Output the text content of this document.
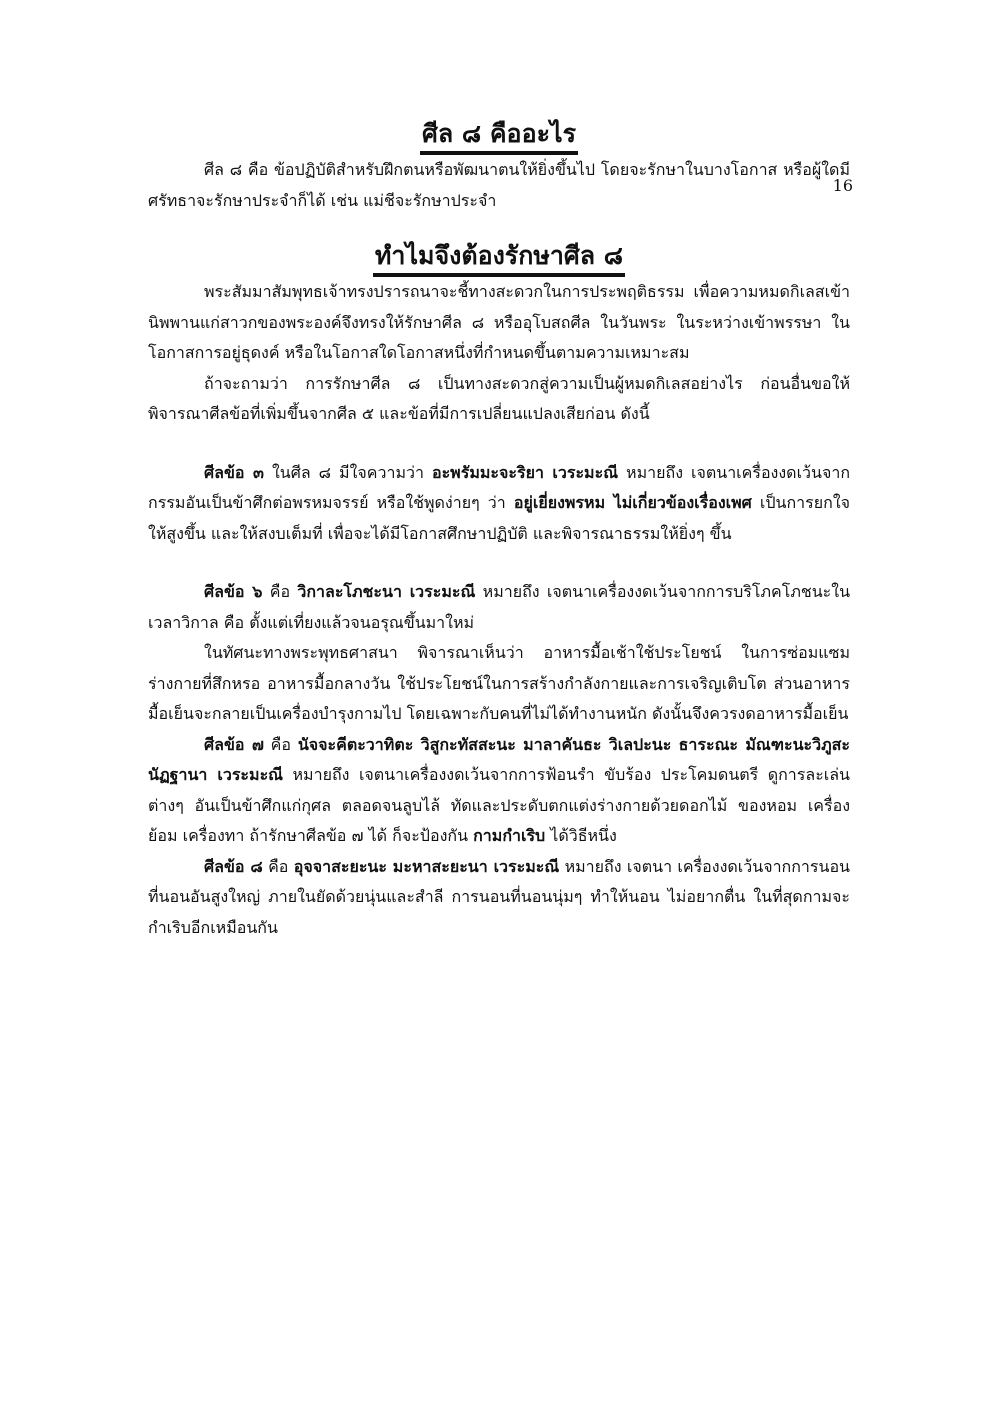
16
ศีล ๘ คืออะไร

ศีล ๘ คือ ข้อปฏิบัติสำหรับฝึกตนหรือพัฒนาตนให้ยิ่งขึ้นไป โดยจะรักษาในบางโอกาส หรือผู้ใดมีศรัทธาจะรักษาประจำก็ได้ เช่น แม่ชีจะรักษาประจำ

ทำไมจึงต้องรักษาศีล ๘

พระสัมมาสัมพุทธเจ้าทรงปรารถนาจะชี้ทางสะดวกในการประพฤติธรรม เพื่อความหมดกิเลสเข้านิพพานแก่สาวกของพระองค์จึงทรงให้รักษาศีล ๘ หรืออุโบสถศีล ในวันพระ ในระหว่างเข้าพรรษา ในโอกาสการอยู่ธุดงค์ หรือในโอกาสใดโอกาสหนึ่งที่กำหนดขึ้นตามความเหมาะสม

ถ้าจะถามว่า การรักษาศีล ๘ เป็นทางสะดวกสู่ความเป็นผู้หมดกิเลสอย่างไร ก่อนอื่นขอให้พิจารณาศีลข้อที่เพิ่มขึ้นจากศีล ๕ และข้อที่มีการเปลี่ยนแปลงเสียก่อน ดังนี้

ศีลข้อ ๓ ในศีล ๘ มีใจความว่า อะพรัมมะจะริยา เวระมะณี หมายถึง เจตนาเครื่องงดเว้นจากกรรมอันเป็นข้าศึกต่อพรหมจรรย์ หรือใช้พูดง่ายๆ ว่า อยู่เยี่ยงพรหม ไม่เกี่ยวข้องเรื่องเพศ เป็นการยกใจให้สูงขึ้น และให้สงบเต็มที่ เพื่อจะได้มีโอกาสศึกษาปฏิบัติ และพิจารณาธรรมให้ยิ่งๆ ขึ้น

ศีลข้อ ๖ คือ วิกาละโภชะนา เวระมะณี หมายถึง เจตนาเครื่องงดเว้นจากการบริโภคโภชนะในเวลาวิกาล คือ ตั้งแต่เที่ยงแล้วจนอรุณขึ้นมาใหม่

ในทัศนะทางพระพุทธศาสนา พิจารณาเห็นว่า อาหารมื้อเช้าใช้ประโยชน์ ในการซ่อมแซมร่างกายที่สึกหรอ อาหารมื้อกลางวัน ใช้ประโยชน์ในการสร้างกำลังกายและการเจริญเติบโต ส่วนอาหารมื้อเย็นจะกลายเป็นเครื่องบำรุงกามไป โดยเฉพาะกับคนที่ไม่ได้ทำงานหนัก ดังนั้นจึงควรงดอาหารมื้อเย็น

ศีลข้อ ๗ คือ นัจจะคีตะวาทิตะ วิสูกะทัสสะนะ มาลาคันธะ วิเลปะนะ ธาระณะ มัณฑะนะวิภูสะนัฏฐานา เวระมะณี หมายถึง เจตนาเครื่องงดเว้นจากการฟ้อนรำ ขับร้อง ประโคมดนตรี ดูการละเล่นต่างๆ อันเป็นข้าศึกแก่กุศล ตลอดจนลูบไล้ ทัดและประดับตกแต่งร่างกายด้วยดอกไม้ ของหอม เครื่องย้อม เครื่องทา ถ้ารักษาศีลข้อ ๗ ได้ ก็จะป้องกัน กามกำเริบ ได้วิธีหนึ่ง

ศีลข้อ ๘ คือ อุจจาสะยะนะ มะหาสะยะนา เวระมะณี หมายถึง เจตนา เครื่องงดเว้นจากการนอนที่นอนอันสูงใหญ่ ภายในยัดด้วยนุ่นและสำลี การนอนที่นอนนุ่มๆ ทำให้นอน ไม่อยากตื่น ในที่สุดกามจะกำเริบอีกเหมือนกัน
